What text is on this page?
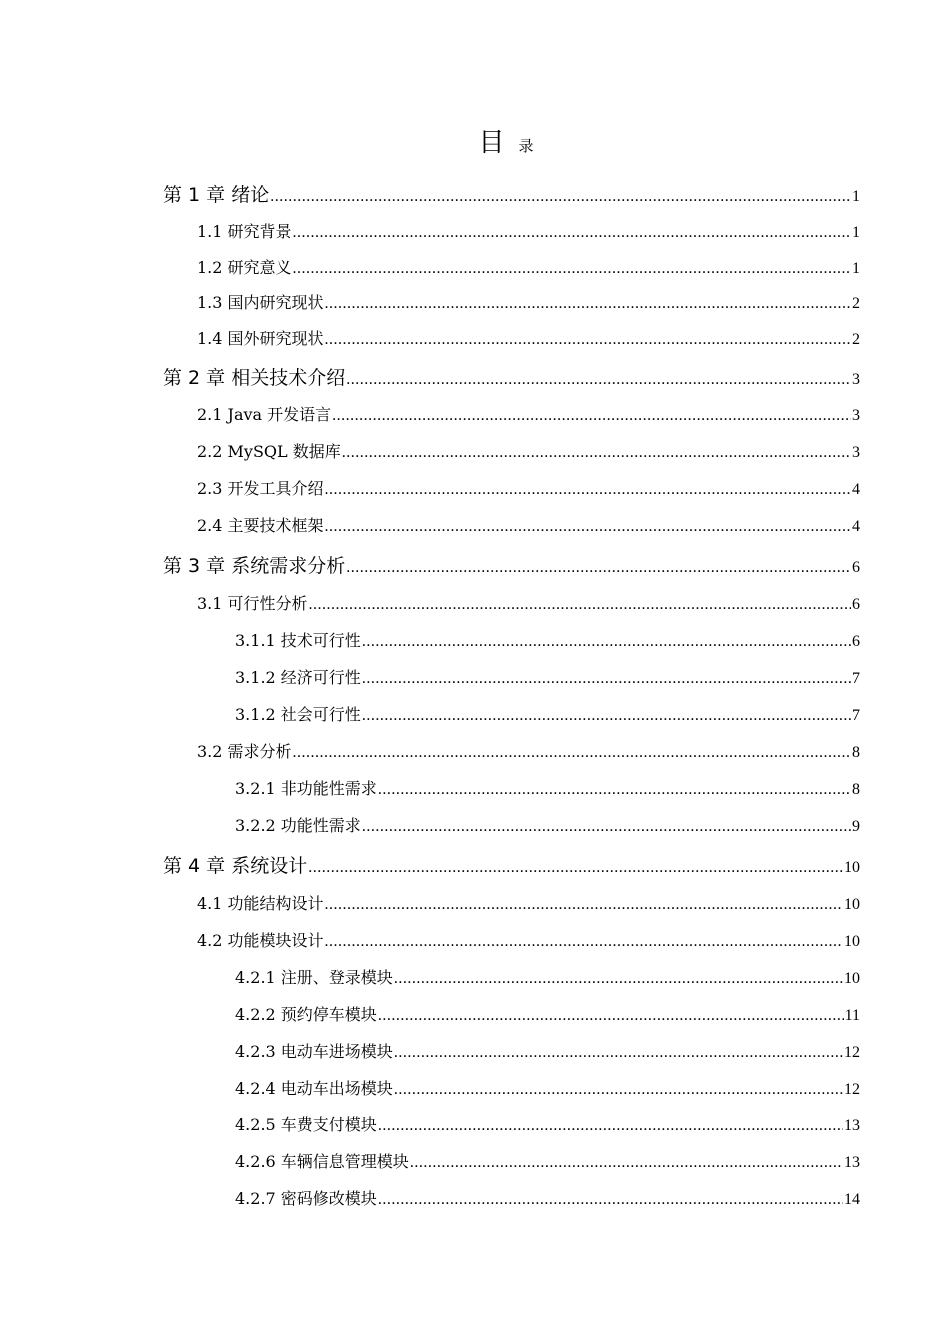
目录
第 1 章 绪论 .....	1
1.1 研究背景 .....	1
1.2 研究意义 .....	1
1.3 国内研究现状 .....	2
1.4 国外研究现状 .....	2
第 2 章 相关技术介绍 .....	3
2.1 Java 开发语言 .....	3
2.2 MySQL 数据库 .....	3
2.3 开发工具介绍 .....	4
2.4 主要技术框架 .....	4
第 3 章 系统需求分析 .....	6
3.1 可行性分析 .....	6
3.1.1 技术可行性 .....	6
3.1.2 经济可行性 .....	7
3.1.2 社会可行性 .....	7
3.2 需求分析 .....	8
3.2.1 非功能性需求 .....	8
3.2.2 功能性需求 .....	9
第 4 章 系统设计 .....	10
4.1 功能结构设计 .....	10
4.2 功能模块设计 .....	10
4.2.1 注册、登录模块 .....	10
4.2.2 预约停车模块 .....	11
4.2.3 电动车进场模块 .....	12
4.2.4 电动车出场模块 .....	12
4.2.5 车费支付模块 .....	13
4.2.6 车辆信息管理模块 .....	13
4.2.7 密码修改模块 .....	14
